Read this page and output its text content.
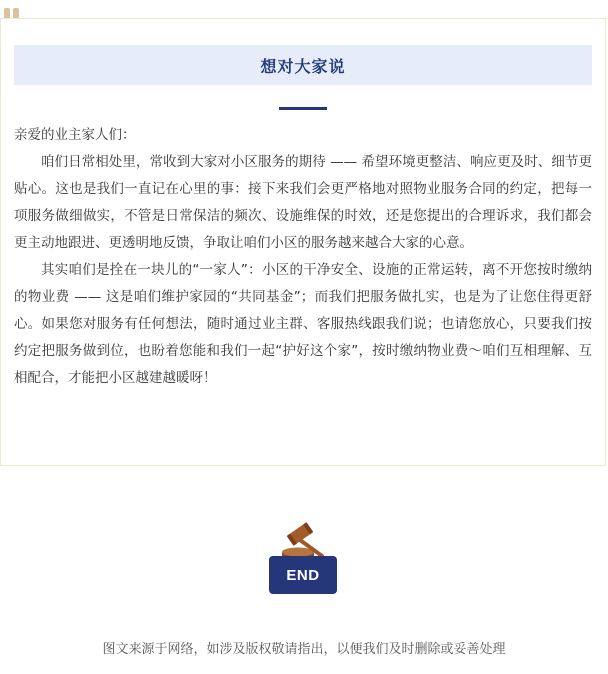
想对大家说

亲爱的业主家人们：

咱们日常相处里，常收到大家对小区服务的期待 —— 希望环境更整洁、响应更及时、细节更贴心。这也是我们一直记在心里的事：接下来我们会更严格地对照物业服务合同的约定，把每一项服务做细做实，不管是日常保洁的频次、设施维保的时效，还是您提出的合理诉求，我们都会更主动地跟进、更透明地反馈，争取让咱们小区的服务越来越合大家的心意。

其实咱们是拴在一块儿的“一家人”：小区的干净安全、设施的正常运转，离不开您按时缴纳的物业费 —— 这是咱们维护家园的“共同基金”；而我们把服务做扎实，也是为了让您住得更舒心。如果您对服务有任何想法，随时通过业主群、客服热线跟我们说；也请您放心，只要我们按约定把服务做到位，也盼着您能和我们一起“护好这个家”，按时缴纳物业费～咱们互相理解、互相配合，才能把小区越建越暖呀！

END
图文来源于网络，如涉及版权敬请指出，以便我们及时删除或妥善处理
